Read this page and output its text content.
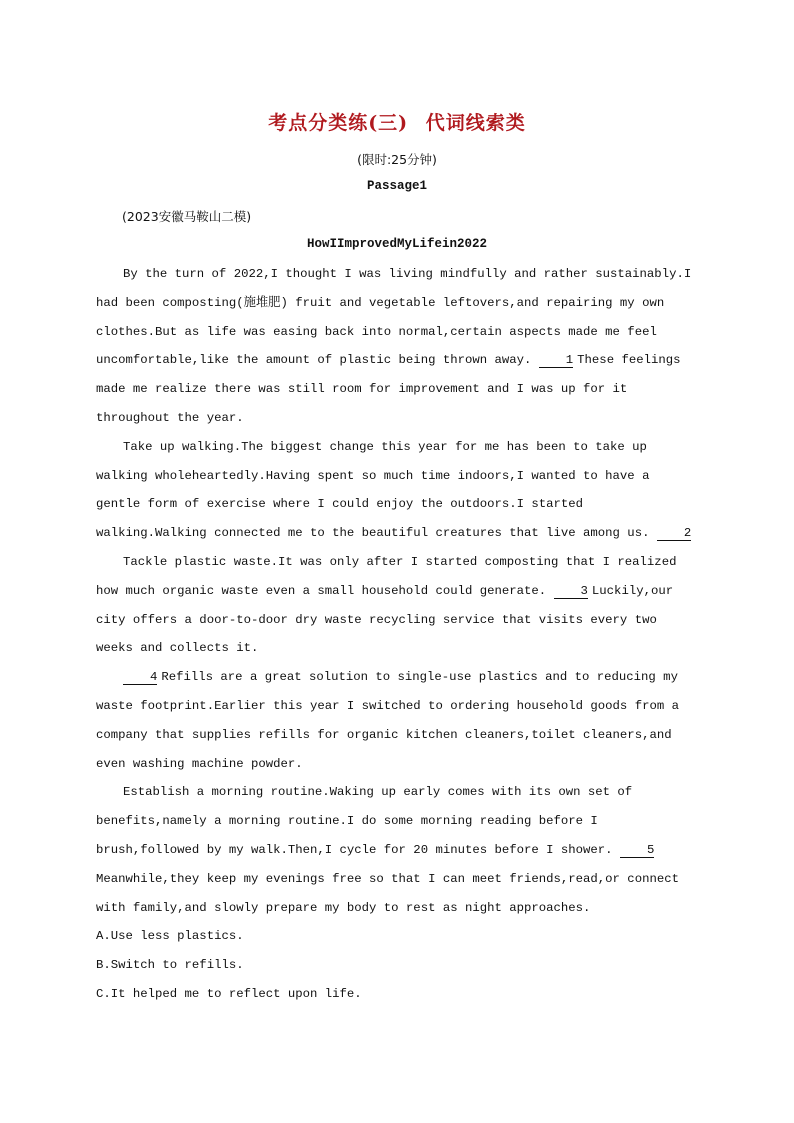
考点分类练(三) 代词线索类
(限时:25分钟)
Passage1
(2023安徽马鞍山二模)
HowIImprovedMyLifein2022

By the turn of 2022,I thought I was living mindfully and rather sustainably.I had been composting(施堆肥) fruit and vegetable leftovers,and repairing my own clothes.But as life was easing back into normal,certain aspects made me feel uncomfortable,like the amount of plastic being thrown away.	1 These feelings made me realize there was still room for improvement and I was up for it throughout the year.

Take up walking.The biggest change this year for me has been to take up walking wholeheartedly.Having spent so much time indoors,I wanted to have a gentle form of exercise where I could enjoy the outdoors.I started walking.Walking connected me to the beautiful creatures that live among us.	2

Tackle plastic waste.It was only after I started composting that I realized how much organic waste even a small household could generate.	3 Luckily,our city offers a door-to-door dry waste recycling service that visits every two weeks and collects it.

4 Refills are a great solution to single-use plastics and to reducing my waste footprint.Earlier this year I switched to ordering household goods from a company that supplies refills for organic kitchen cleaners,toilet cleaners,and even washing machine powder.

Establish a morning routine.Waking up early comes with its own set of benefits,namely a morning routine.I do some morning reading before I brush,followed by my walk.Then,I cycle for 20 minutes before I shower.	5Meanwhile,they keep my evenings free so that I can meet friends,read,or connect with family,and slowly prepare my body to rest as night approaches.

A.Use less plastics.

B.Switch to refills.

C.It helped me to reflect upon life.
